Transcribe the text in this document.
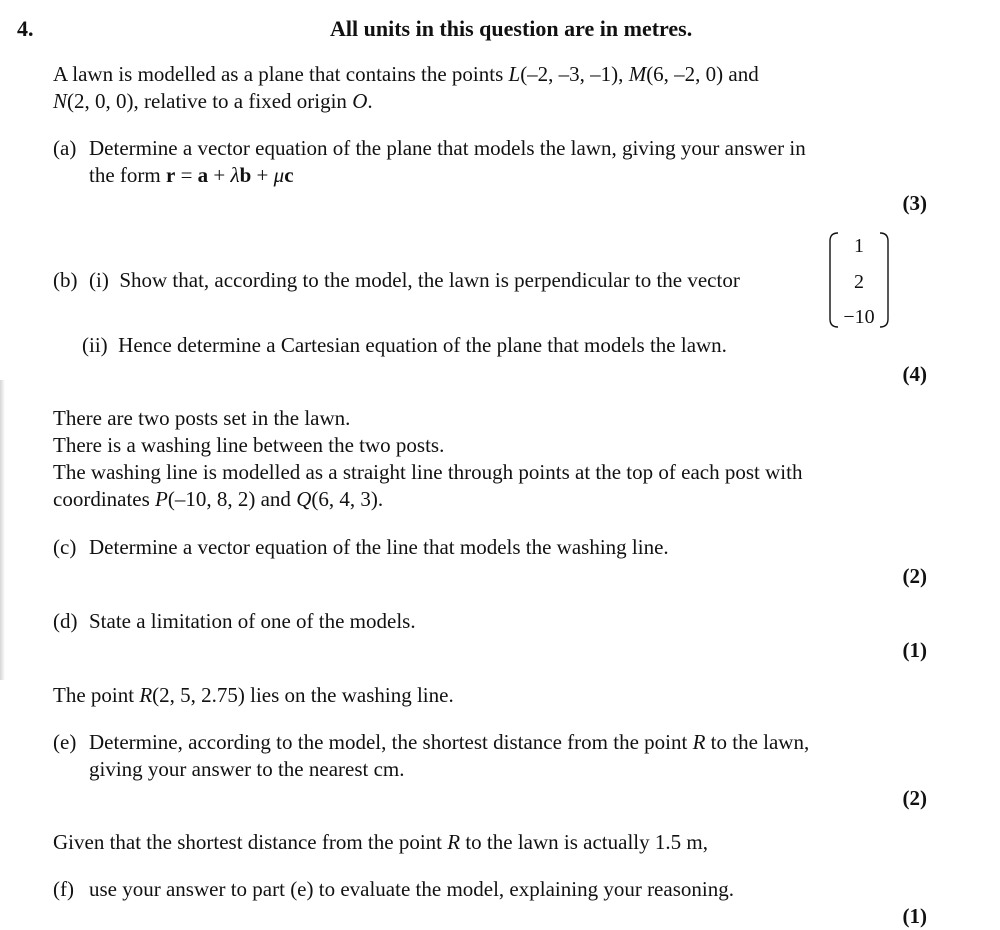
4.	All units in this question are in metres.
A lawn is modelled as a plane that contains the points L(–2, –3, –1), M(6, –2, 0) and
N(2, 0, 0), relative to a fixed origin O.
(a) Determine a vector equation of the plane that models the lawn, giving your answer in
the form r = a + λb + μc
(3)
(b) (i) Show that, according to the model, the lawn is perpendicular to the vector
1
2
−10
(ii) Hence determine a Cartesian equation of the plane that models the lawn.
(4)
There are two posts set in the lawn.
There is a washing line between the two posts.
The washing line is modelled as a straight line through points at the top of each post with
coordinates P(–10, 8, 2) and Q(6, 4, 3).
(c) Determine a vector equation of the line that models the washing line.
(2)
(d) State a limitation of one of the models.
(1)
The point R(2, 5, 2.75) lies on the washing line.
(e) Determine, according to the model, the shortest distance from the point R to the lawn,
giving your answer to the nearest cm.
(2)
Given that the shortest distance from the point R to the lawn is actually 1.5 m,
(f) use your answer to part (e) to evaluate the model, explaining your reasoning.
(1)
